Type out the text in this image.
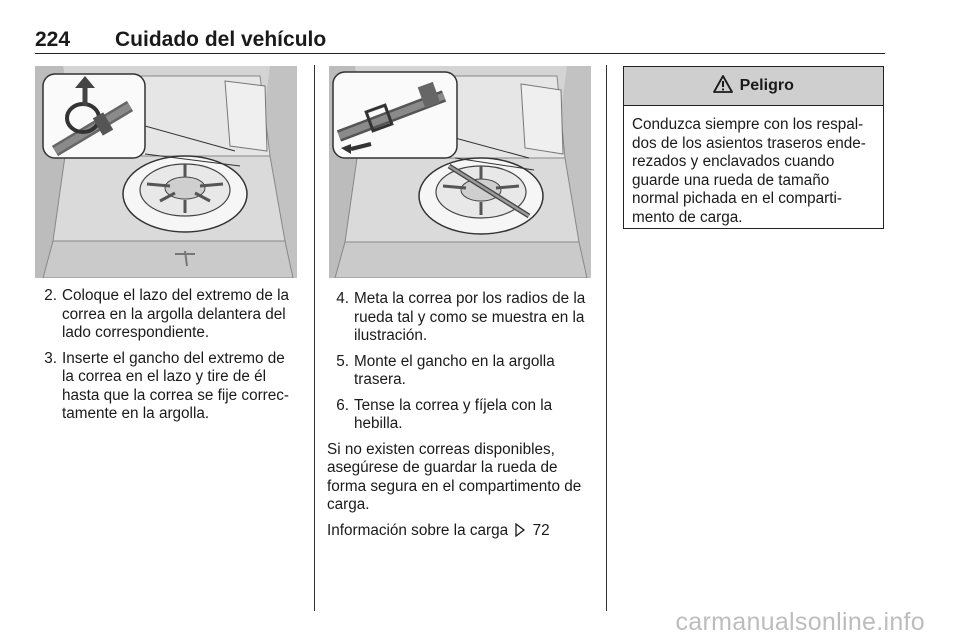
224 Cuidado del vehículo
2. Coloque el lazo del extremo de la correa en la argolla delantera del lado correspondiente.
3. Inserte el gancho del extremo de la correa en el lazo y tire de él hasta que la correa se fije correctamente en la argolla.
4. Meta la correa por los radios de la rueda tal y como se muestra en la ilustración.
5. Monte el gancho en la argolla trasera.
6. Tense la correa y fíjela con la hebilla.

Si no existen correas disponibles, asegúrese de guardar la rueda de forma segura en el compartimento de carga.

Información sobre la carga 72

Peligro
Conduzca siempre con los respaldos de los asientos traseros enderezados y enclavados cuando guarde una rueda de tamaño normal pichada en el compartimento de carga.
carmanualsonline.info
